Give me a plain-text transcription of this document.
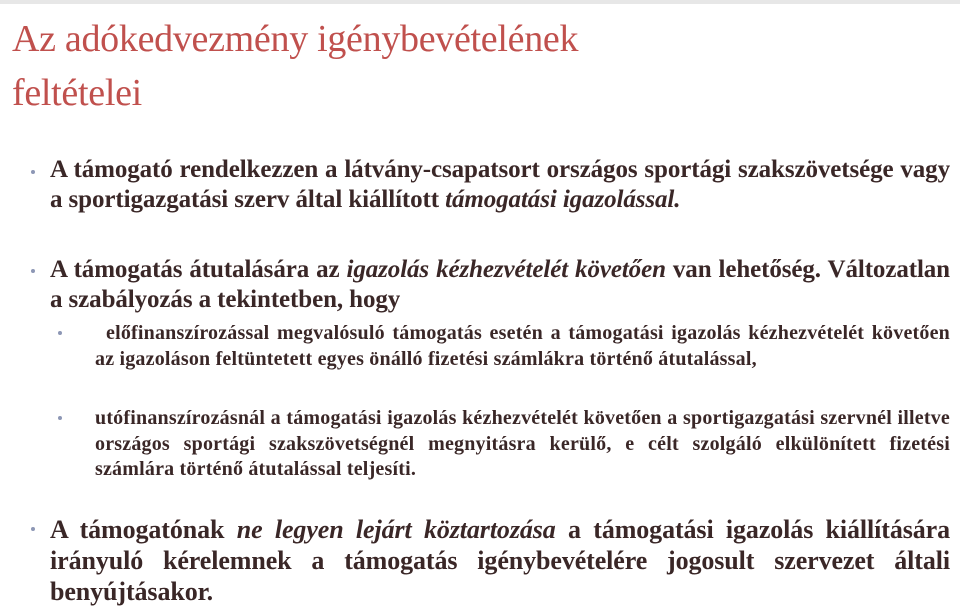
Az adókedvezmény igénybevételének
feltételei
A támogató rendelkezzen a látvány-csapatsort országos sportági szakszövetsége vagy a sportigazgatási szerv által kiállított támogatási igazolással.
A támogatás átutalására az igazolás kézhezvételét követően van lehetőség. Változatlan a szabályozás a tekintetben, hogy
előfinanszírozással megvalósuló támogatás esetén a támogatási igazolás kézhezvételét követően az igazoláson feltüntetett egyes önálló fizetési számlákra történő átutalással,
utófinanszírozásnál a támogatási igazolás kézhezvételét követően a sportigazgatási szervnél illetve országos sportági szakszövetségnél megnyitásra kerülő, e célt szolgáló elkülönített fizetési számlára történő átutalással teljesíti.
A támogatónak ne legyen lejárt köztartozása a támogatási igazolás kiállítására irányuló kérelemnek a támogatás igénybevételére jogosult szervezet általi benyújtásakor.
